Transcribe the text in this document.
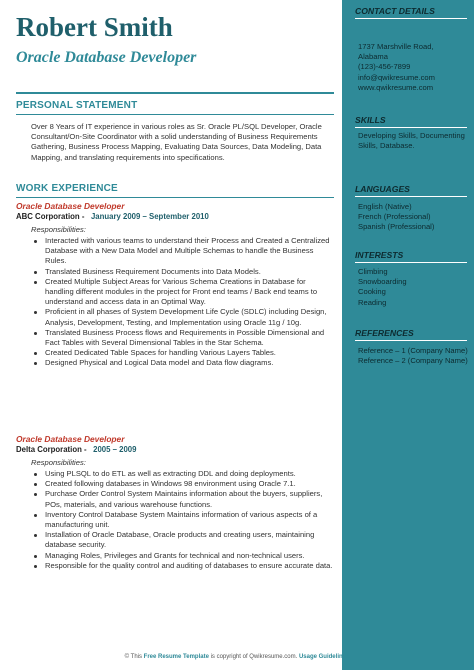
Robert Smith
Oracle Database Developer
PERSONAL STATEMENT

Over 8 Years of IT experience in various roles as Sr. Oracle PL/SQL Developer, Oracle Consultant/On-Site Coordinator with a solid understanding of Business Requirements Gathering, Business Process Mapping, Evaluating Data Sources, Data Modeling, Data Mapping, and translating requirements into specifications.

WORK EXPERIENCE

Oracle Database Developer

ABC Corporation - January 2009 – September 2010

Responsibilities:

Interacted with various teams to understand their Process and Created a Centralized Database with a New Data Model and Multiple Schemas to handle the Business Rules.
Translated Business Requirement Documents into Data Models.
Created Multiple Subject Areas for Various Schema Creations in Database for handling different modules in the project for Front end teams / Back end teams to understand and access data in an Optimal Way.
Proficient in all phases of System Development Life Cycle (SDLC) including Design, Analysis, Development, Testing, and Implementation using Oracle 11g / 10g.
Translated Business Process flows and Requirements in Possible Dimensional and Fact Tables with Several Dimensional Tables in the Star Schema.
Created Dedicated Table Spaces for handling Various Layers Tables.
Designed Physical and Logical Data model and Data flow diagrams.

Oracle Database Developer

Delta Corporation - 2005 – 2009

Responsibilities:

Using PLSQL to do ETL as well as extracting DDL and doing deployments.
Created following databases in Windows 98 environment using Oracle 7.1.
Purchase Order Control System Maintains information about the buyers, suppliers, POs, materials, and various warehouse functions.
Inventory Control Database System Maintains information of various aspects of a manufacturing unit.
Installation of Oracle Database, Oracle products and creating users, maintaining database security.
Managing Roles, Privileges and Grants for technical and non-technical users.
Responsible for the quality control and auditing of databases to ensure accurate data.
CONTACT DETAILS
1737 Marshville Road,
Alabama
(123)-456-7899
info@qwikresume.com
www.qwikresume.com
SKILLS
Developing Skills, Documenting Skills, Database.
LANGUAGES
English (Native)
French (Professional)
Spanish (Professional)
INTERESTS
Climbing
Snowboarding
Cooking
Reading
REFERENCES
Reference – 1 (Company Name)
Reference – 2 (Company Name)
© This Free Resume Template is copyright of Qwikresume.com. Usage Guidelines
